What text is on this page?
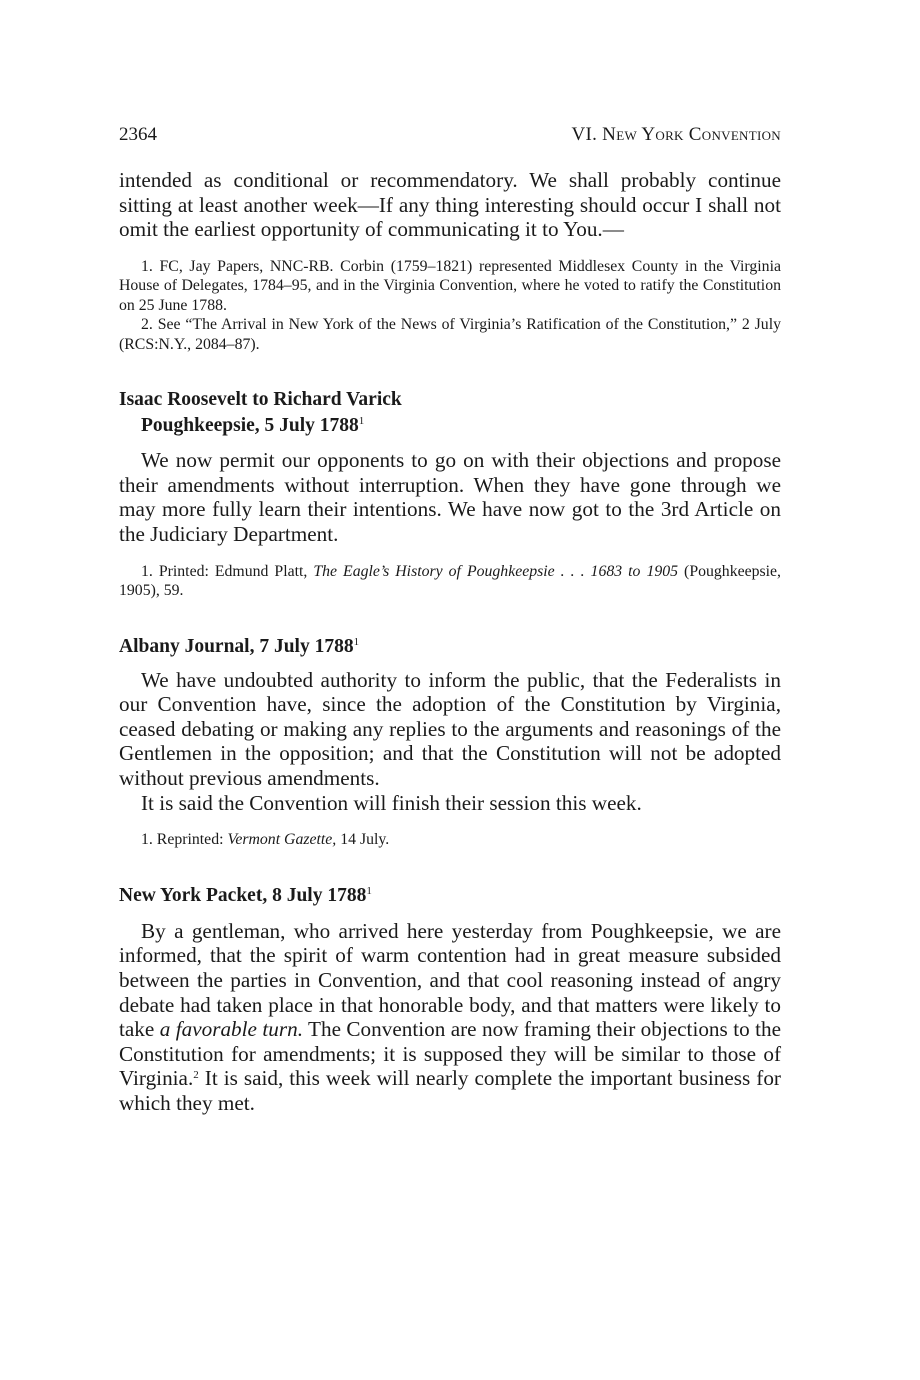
2364	VI. New York Convention

intended as conditional or recommendatory. We shall probably continue sitting at least another week—If any thing interesting should occur I shall not omit the earliest opportunity of communicating it to You.—

1. FC, Jay Papers, NNC-RB. Corbin (1759–1821) represented Middlesex County in the Virginia House of Delegates, 1784–95, and in the Virginia Convention, where he voted to ratify the Constitution on 25 June 1788.

2. See “The Arrival in New York of the News of Virginia’s Ratification of the Constitution,” 2 July (RCS:N.Y., 2084–87).

Isaac Roosevelt to Richard Varick

Poughkeepsie, 5 July 1788$^1$

We now permit our opponents to go on with their objections and propose their amendments without interruption. When they have gone through we may more fully learn their intentions. We have now got to the 3rd Article on the Judiciary Department.

1. Printed: Edmund Platt, The Eagle’s History of Poughkeepsie . . . 1683 to 1905 (Poughkeepsie, 1905), 59.

Albany Journal, 7 July 1788$^1$

We have undoubted authority to inform the public, that the Federalists in our Convention have, since the adoption of the Constitution by Virginia, ceased debating or making any replies to the arguments and reasonings of the Gentlemen in the opposition; and that the Constitution will not be adopted without previous amendments.

It is said the Convention will finish their session this week.

1. Reprinted: Vermont Gazette, 14 July.

New York Packet, 8 July 1788$^1$

By a gentleman, who arrived here yesterday from Poughkeepsie, we are informed, that the spirit of warm contention had in great measure subsided between the parties in Convention, and that cool reasoning instead of angry debate had taken place in that honorable body, and that matters were likely to take a favorable turn. The Convention are now framing their objections to the Constitution for amendments; it is supposed they will be similar to those of Virginia.$^2$ It is said, this week will nearly complete the important business for which they met.
